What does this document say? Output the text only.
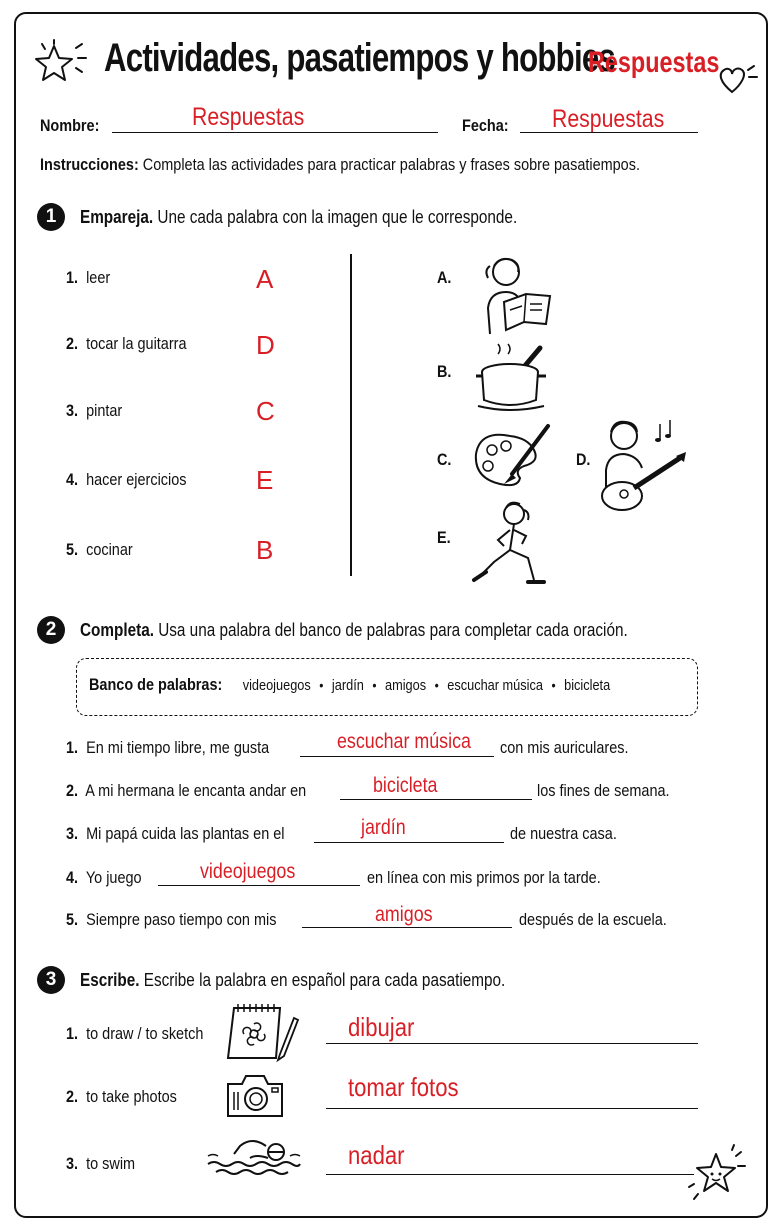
Actividades, pasatiempos y hobbies
Respuestas
Nombre:	Respuestas	Fecha: Respuestas
Instrucciones: Completa las actividades para practicar palabras y frases sobre pasatiempos.
1	Empareja. Une cada palabra con la imagen que le corresponde.
1. leer	A
2. tocar la guitarra	D
3. pintar	C
4. hacer ejercicios	E
5. cocinar	B
A.
B.
C.	D.
E.
2	Completa. Usa una palabra del banco de palabras para completar cada oración.
Banco de palabras: videojuegos • jardín • amigos • escuchar música • bicicleta
1. En mi tiempo libre, me gusta	escuchar música con mis auriculares.
2. A mi hermana le encanta andar en	bicicleta	los fines de semana.
3. Mi papá cuida las plantas en el	jardín	de nuestra casa.
4. Yo juego	videojuegos	en línea con mis primos por la tarde.
5. Siempre paso tiempo con mis	amigos	después de la escuela.
3	Escribe. Escribe la palabra en español para cada pasatiempo.
1. to draw / to sketch	dibujar
2. to take photos	tomar fotos
3. to swim	nadar
